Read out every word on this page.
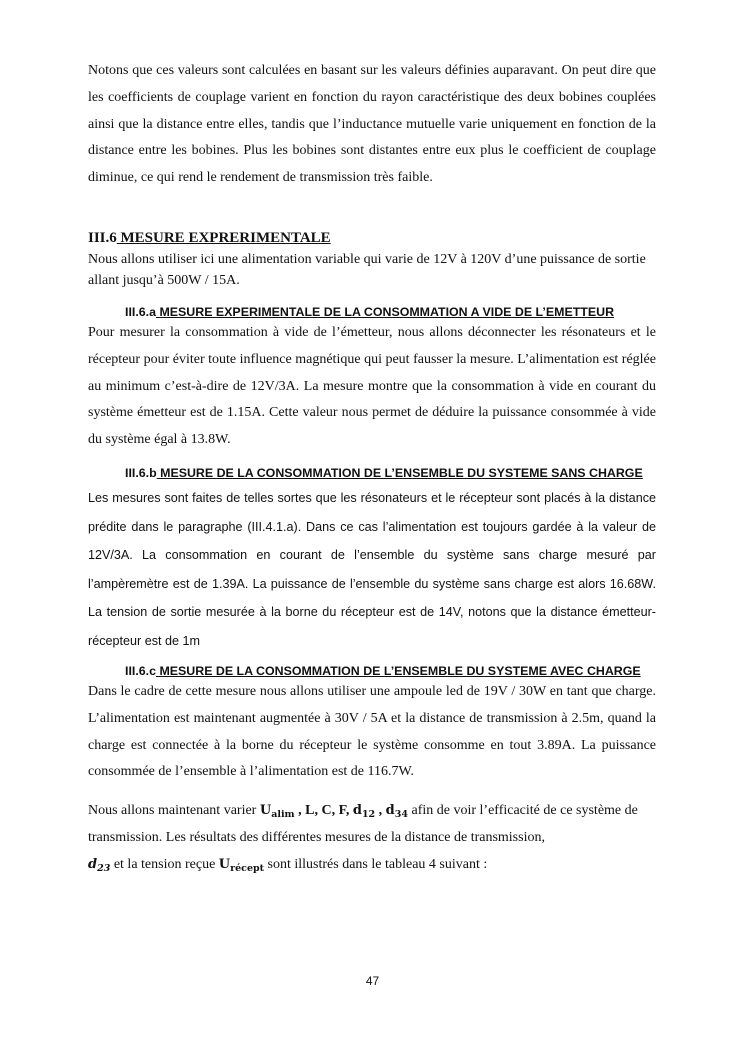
Notons que ces valeurs sont calculées en basant sur les valeurs définies auparavant. On peut dire que les coefficients de couplage varient en fonction du rayon caractéristique des deux bobines couplées ainsi que la distance entre elles, tandis que l’inductance mutuelle varie uniquement en fonction de la distance entre les bobines. Plus les bobines sont distantes entre eux plus le coefficient de couplage diminue, ce qui rend le rendement de transmission très faible.

III.6 MESURE EXPRERIMENTALE

Nous allons utiliser ici une alimentation variable qui varie de 12V à 120V d’une puissance de sortie allant jusqu’à 500W / 15A.

III.6.a MESURE EXPERIMENTALE DE LA CONSOMMATION A VIDE DE L’EMETTEUR

Pour mesurer la consommation à vide de l’émetteur, nous allons déconnecter les résonateurs et le récepteur pour éviter toute influence magnétique qui peut fausser la mesure. L’alimentation est réglée au minimum c’est-à-dire de 12V/3A. La mesure montre que la consommation à vide en courant du système émetteur est de 1.15A. Cette valeur nous permet de déduire la puissance consommée à vide du système égal à 13.8W.

III.6.b MESURE DE LA CONSOMMATION DE L’ENSEMBLE DU SYSTEME SANS CHARGE

Les mesures sont faites de telles sortes que les résonateurs et le récepteur sont placés à la distance prédite dans le paragraphe (III.4.1.a). Dans ce cas l’alimentation est toujours gardée à la valeur de 12V/3A. La consommation en courant de l’ensemble du système sans charge mesuré par l’ampèremètre est de 1.39A. La puissance de l’ensemble du système sans charge est alors 16.68W. La tension de sortie mesurée à la borne du récepteur est de 14V, notons que la distance émetteur-récepteur est de 1m

III.6.c MESURE DE LA CONSOMMATION DE L’ENSEMBLE DU SYSTEME AVEC CHARGE

Dans le cadre de cette mesure nous allons utiliser une ampoule led de 19V / 30W en tant que charge. L’alimentation est maintenant augmentée à 30V / 5A et la distance de transmission à 2.5m, quand la charge est connectée à la borne du récepteur le système consomme en tout 3.89A. La puissance consommée de l’ensemble à l’alimentation est de 116.7W.

Nous allons maintenant varier $U_{alim}$ , L, C, F, $d_{12}$ , $d_{34}$ afin de voir l’efficacité de ce système de transmission. Les résultats des différentes mesures de la distance de transmission,
$d_{23}$ et la tension reçue $U_{récept}$ sont illustrés dans le tableau 4 suivant :

47
